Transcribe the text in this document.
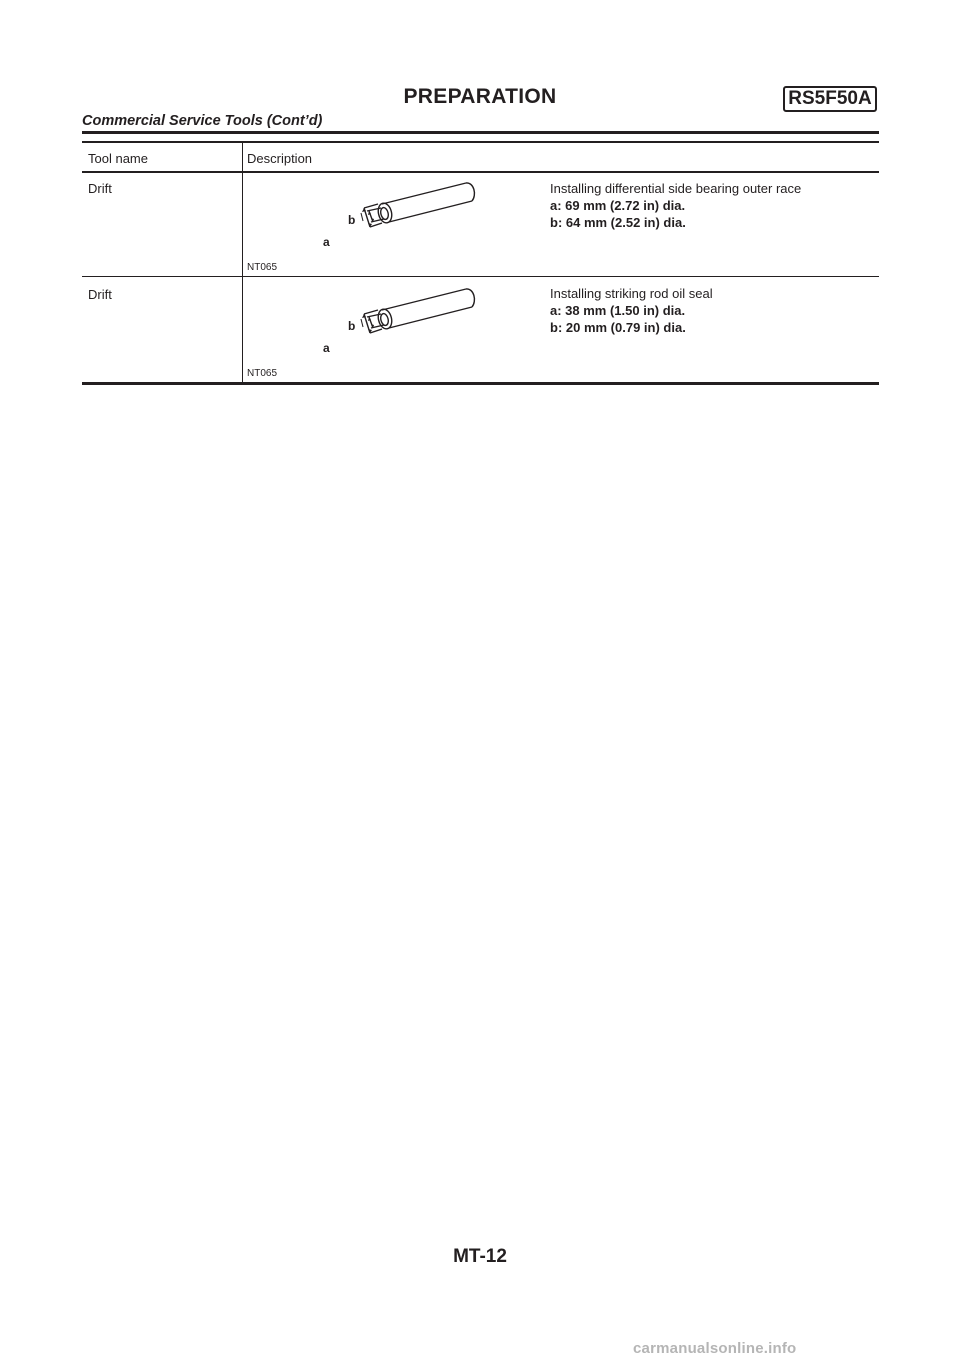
PREPARATION	RS5F50A
Commercial Service Tools (Cont’d)
Tool name	Description
Drift
a
b
NT065
Installing differential side bearing outer race
a: 69 mm (2.72 in) dia.
b: 64 mm (2.52 in) dia.
Drift
a
b
NT065
Installing striking rod oil seal
a: 38 mm (1.50 in) dia.
b: 20 mm (0.79 in) dia.
MT-12
carmanualsonline.info
